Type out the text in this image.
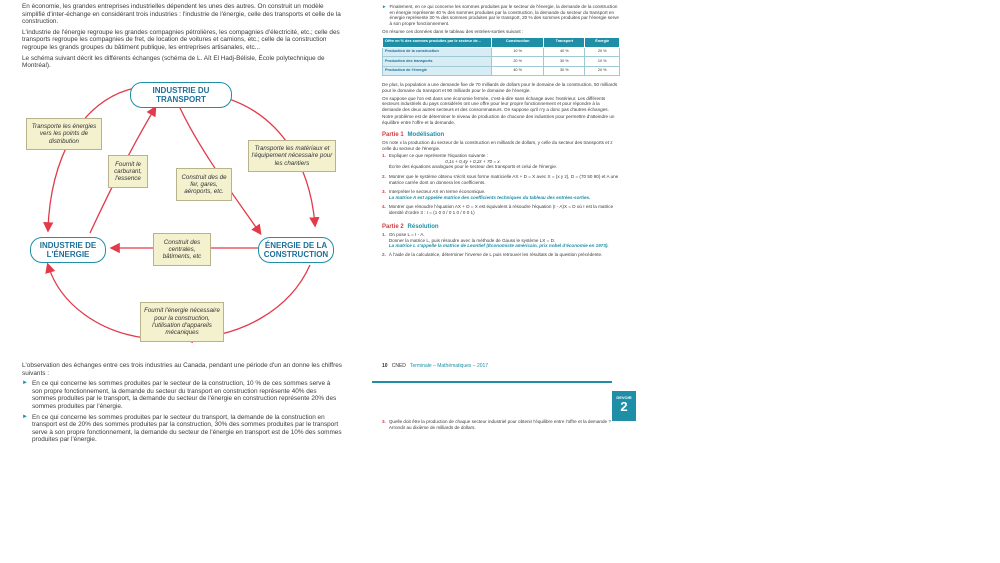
En économie, les grandes entreprises industrielles dépendent les unes des autres. On construit un modèle simplifié d'inter-échange en considérant trois industries : l'industrie de l'énergie, celle des transports et celle de la construction.

L'industrie de l'énergie regroupe les grandes compagnies pétrolières, les compagnies d'électricité, etc.; celle des transports regroupe les compagnies de fret, de location de voitures et camions, etc.; celle de la construction regroupe les grands groupes du bâtiment publique, les entreprises artisanales, etc...

Le schéma suivant décrit les différents échanges (schéma de L. Aït El Hadj-Bélisle, École polytechnique de Montréal).

INDUSTRIE DU TRANSPORT
INDUSTRIE DE L'ÉNERGIE
ÉNERGIE DE LA CONSTRUCTION
Transporte les énergies vers les points de distribution
Transporte les matériaux et l'équipement nécessaire pour les chantiers
Fournit le carburant, l'essence	Construit des de fer, gares, aéroports, etc.
Construit des centrales, bâtiments, etc
Fournit l'énergie nécessaire pour la construction, l'utilisation d'appareils mécaniques

L'observation des échanges entre ces trois industries au Canada, pendant une période d'un an donne les chiffres suivants :

► En ce qui concerne les sommes produites par le secteur de la construction, 10 % de ces sommes serve à son propre fonctionnement, la demande du secteur du transport en construction représente 40% des sommes produites par le transport, la demande du secteur de l'énergie en construction représente 20% des sommes produites par l'énergie.
► En ce qui concerne les sommes produites par le secteur du transport, la demande de la construction en transport est de 20% des sommes produites par la construction, 30% des sommes produites par le transport serve à son propre fonctionnement, la demande du secteur de l'énergie en transport est de 10% des sommes produites par l'énergie.
► Finalement, en ce qui concerne les sommes produites par le secteur de l'énergie, la demande de la construction en énergie représente 40 % des sommes produites par la construction, la demande du secteur du transport en énergie représente 30 % des sommes produites par le transport, 20 % des sommes produites par l'énergie serve à son propre fonctionnement.

On résume ces données dans le tableau des entrées-sorties suivant :

Offre en % des sommes produites par le secteur de...	Construction	Transport	Énergie
Production de la construction	10 %	40 %	20 %
Production des transports	20 %	30 %	10 %
Production de l'énergie	40 %	30 %	20 %

De plus, la population a une demande fixe de 70 milliards de dollars pour le domaine de la construction, 50 milliards pour le domaine du transport et 90 milliards pour le domaine de l'énergie.

On suppose que l'on est dans une économie fermée, c'est-à-dire sans échange avec l'extérieur. Les différents secteurs industriels du pays considérés ont une offre pour leur propre fonctionnement et pour répondre à la demande des deux autres secteurs et des consommateurs. On suppose qu'il n'y a donc pas d'autres échanges.

Notre problème est de déterminer le niveau de production de chacune des industries pour permettre d'atteindre un équilibre entre l'offre et la demande.

Partie 1 Modélisation

On note x la production du secteur de la construction en milliards de dollars, y celle du secteur des transports et z celle du secteur de l'énergie.

1. Expliquer ce que représente l'équation suivante :
0,1x + 0,4y + 0,2z + 70 = x.
Écrire des équations analogues pour le secteur des transports et celui de l'énergie.
2. Montrer que le système obtenu s'écrit sous forme matricielle AX + D = X avec X = (x y z), D = (70 50 90) et A une matrice carrée dont on donnera les coefficients.
3. Interpréter le secteur AX en terme économique.
La matrice A est appelée matrice des coefficients techniques du tableau des entrées-sorties.
4. Montrer que résoudre l'équation AX + D = X est équivalent à résoudre l'équation (I - A)X = D où I est la matrice identité d'ordre 3 : I = (1 0 0 / 0 1 0 / 0 0 1)

Partie 2 Résolution

1. On pose L = I - A.
Donner la matrice L, puis résoudre avec la méthode de Gauss le système LX = D.
La matrice L s'appelle la matrice de Leontief (Économiste américain, prix nobel d'économie en 1973).
2. À l'aide de la calculatrice, déterminer l'inverse de L puis retrouver les résultats de la question précédente.
10 CNED Terminale – Mathématiques – 2017
DEVOIR
2
3. Quelle doit être la production de chaque secteur industriel pour obtenir l'équilibre entre l'offre et la demande ? Arrondir au dixième de milliards de dollars.
